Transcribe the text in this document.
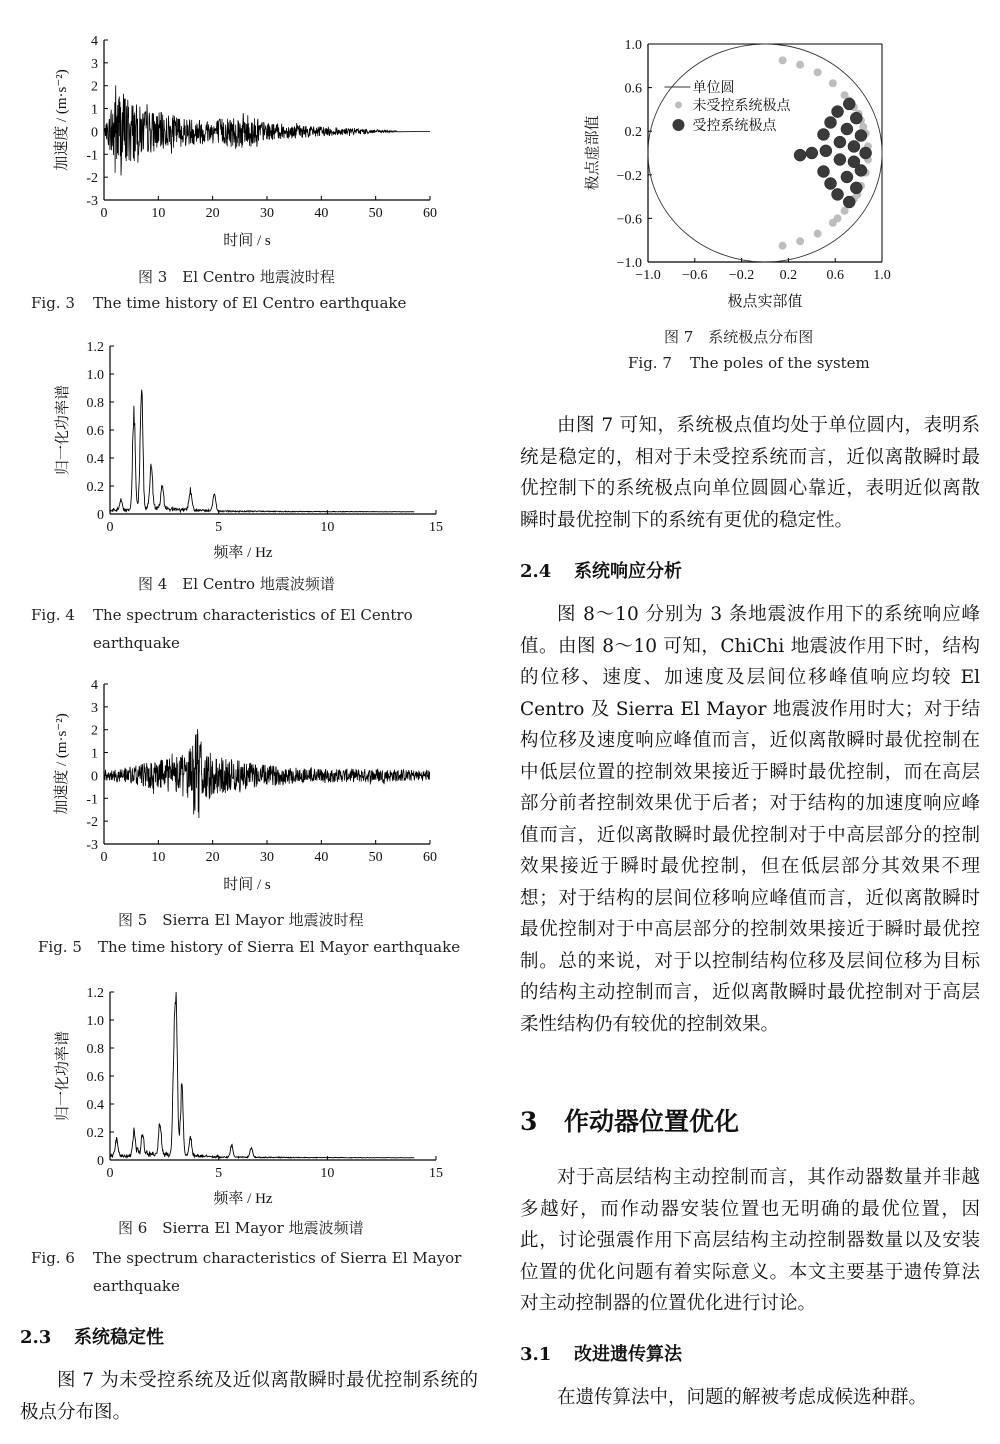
0	10	20	30	40	50	60
-3
-2
-1
0
1
2
3
4
时间 / s
加速度 / (m·s⁻²)
图 3　El Centro 地震波时程
Fig. 3 The time history of El Centro earthquake
0	5	10	15
0
0.2
0.4
0.6
0.8
1.0
1.2
频率 / Hz
归一化功率谱
图 4　El Centro 地震波频谱
Fig. 4	The spectrum characteristics of El Centro earthquake
0	10	20	30	40	50	60
-3
-2
-1
0
1
2
3
4
时间 / s
加速度 / (m·s⁻²)
图 5　Sierra El Mayor 地震波时程
Fig. 5 The time history of Sierra El Mayor earthquake
0	5	10	15
0
0.2
0.4
0.6
0.8
1.0
1.2
频率 / Hz
归一化功率谱
图 6　Sierra El Mayor 地震波频谱
Fig. 6	The spectrum characteristics of Sierra El Mayor earthquake
2.3 系统稳定性
图 7 为未受控系统及近似离散瞬时最优控制系统的极点分布图。
−1.0 −0.6 −0.2 0.2 0.6 1.0
−1.0
−0.6
−0.2
0.2
0.6
1.0
单位圆
未受控系统极点
受控系统极点
极点实部值
极点虚部值
图 7　系统极点分布图
Fig. 7 The poles of the system
由图 7 可知，系统极点值均处于单位圆内，表明系统是稳定的，相对于未受控系统而言，近似离散瞬时最优控制下的系统极点向单位圆圆心靠近，表明近似离散瞬时最优控制下的系统有更优的稳定性。
2.4 系统响应分析
图 8～10 分别为 3 条地震波作用下的系统响应峰值。由图 8～10 可知，ChiChi 地震波作用下时，结构的位移、速度、加速度及层间位移峰值响应均较 El Centro 及 Sierra El Mayor 地震波作用时大；对于结构位移及速度响应峰值而言，近似离散瞬时最优控制在中低层位置的控制效果接近于瞬时最优控制，而在高层部分前者控制效果优于后者；对于结构的加速度响应峰值而言，近似离散瞬时最优控制对于中高层部分的控制效果接近于瞬时最优控制，但在低层部分其效果不理想；对于结构的层间位移响应峰值而言，近似离散瞬时最优控制对于中高层部分的控制效果接近于瞬时最优控制。总的来说，对于以控制结构位移及层间位移为目标的结构主动控制而言，近似离散瞬时最优控制对于高层柔性结构仍有较优的控制效果。
3 作动器位置优化
对于高层结构主动控制而言，其作动器数量并非越多越好，而作动器安装位置也无明确的最优位置，因此，讨论强震作用下高层结构主动控制器数量以及安装位置的优化问题有着实际意义。本文主要基于遗传算法对主动控制器的位置优化进行讨论。
3.1 改进遗传算法
在遗传算法中，问题的解被考虑成候选种群。
